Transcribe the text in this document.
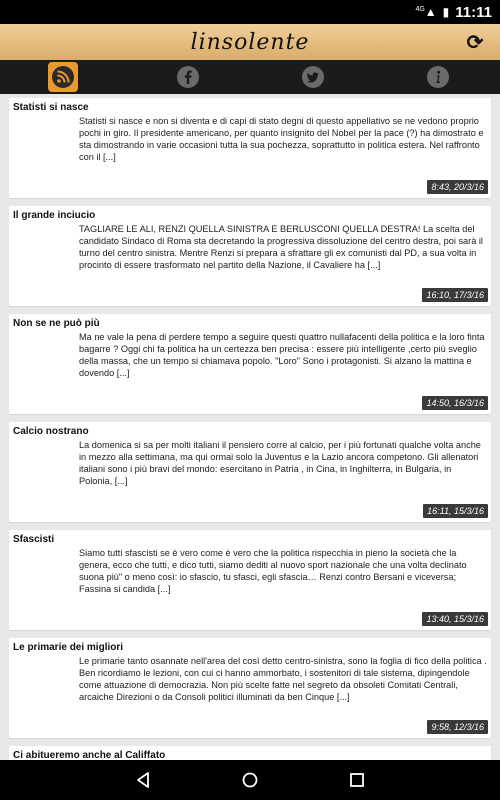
$^{4G}$▲ ▮ 11:11
linsolente	⟳
Statisti si nasce
Statisti si nasce e non si diventa e di capi di stato degni di questo appellativo se ne vedono proprio pochi in giro. Il presidente americano, per quanto insignito del Nobel per la pace (?) ha dimostrato e sta dimostrando in varie occasioni tutta la sua pochezza, soprattutto in politica estera. Nel raffronto con il [...]
8:43, 20/3/16
Il grande inciucio
TAGLIARE LE ALI, RENZI QUELLA SINISTRA E BERLUSCONI QUELLA DESTRA! La scelta del candidato Sindaco di Roma sta decretando la progressiva dissoluzione del centro destra, poi sarà il turno del centro sinistra. Mentre Renzi si prepara a sfrattare gli ex comunisti dal PD, a sua volta in procinto di essere trasformato nel partito della Nazione, il Cavaliere ha [...]
16:10, 17/3/16
Non se ne può più
Ma ne vale la pena di perdere tempo a seguire questi quattro nullafacenti della politica e la loro finta bagarre ? Oggi chi fa politica ha un certezza ben precisa : essere più intelligente ,certo più sveglio della massa, che un tempo si chiamava popolo. "Loro" Sono i protagonisti. Si alzano la mattina e dovendo [...]
14:50, 16/3/16
Calcio nostrano
La domenica si sa per molti italiani il pensiero corre al calcio, per i più fortunati qualche volta anche in mezzo alla settimana, ma qui ormai solo la Juventus e la Lazio ancora competono. Gli allenatori italiani sono i più bravi del mondo: esercitano in Patria , in Cina, in Inghilterra, in Bulgaria, in Polonia, [...]
16:11, 15/3/16
Sfascisti
Siamo tutti sfascisti se è vero come è vero che la politica rispecchia in pieno la società che la genera, ecco che tutti, e dico tutti, siamo dediti al nuovo sport nazionale che una volta declinato suona più" o meno così: io sfascio, tu sfasci, egli sfascia… Renzi contro Bersani e viceversa; Fassina si candida [...]
13:40, 15/3/16
Le primarie dei migliori
Le primarie tanto osannate nell'area del così detto centro-sinistra, sono la foglia di fico della politica . Ben ricordiamo le lezioni, con cui ci hanno ammorbato, i sostenitori di tale sistema, dipingendole come attuazione di democrazia. Non più scelte fatte nel segreto da obsoleti Comitati Centrali, arcaiche Direzioni o da Consoli politici illuminati da ben Cinque [...]
9:58, 12/3/16
Ci abitueremo anche al Califfato
